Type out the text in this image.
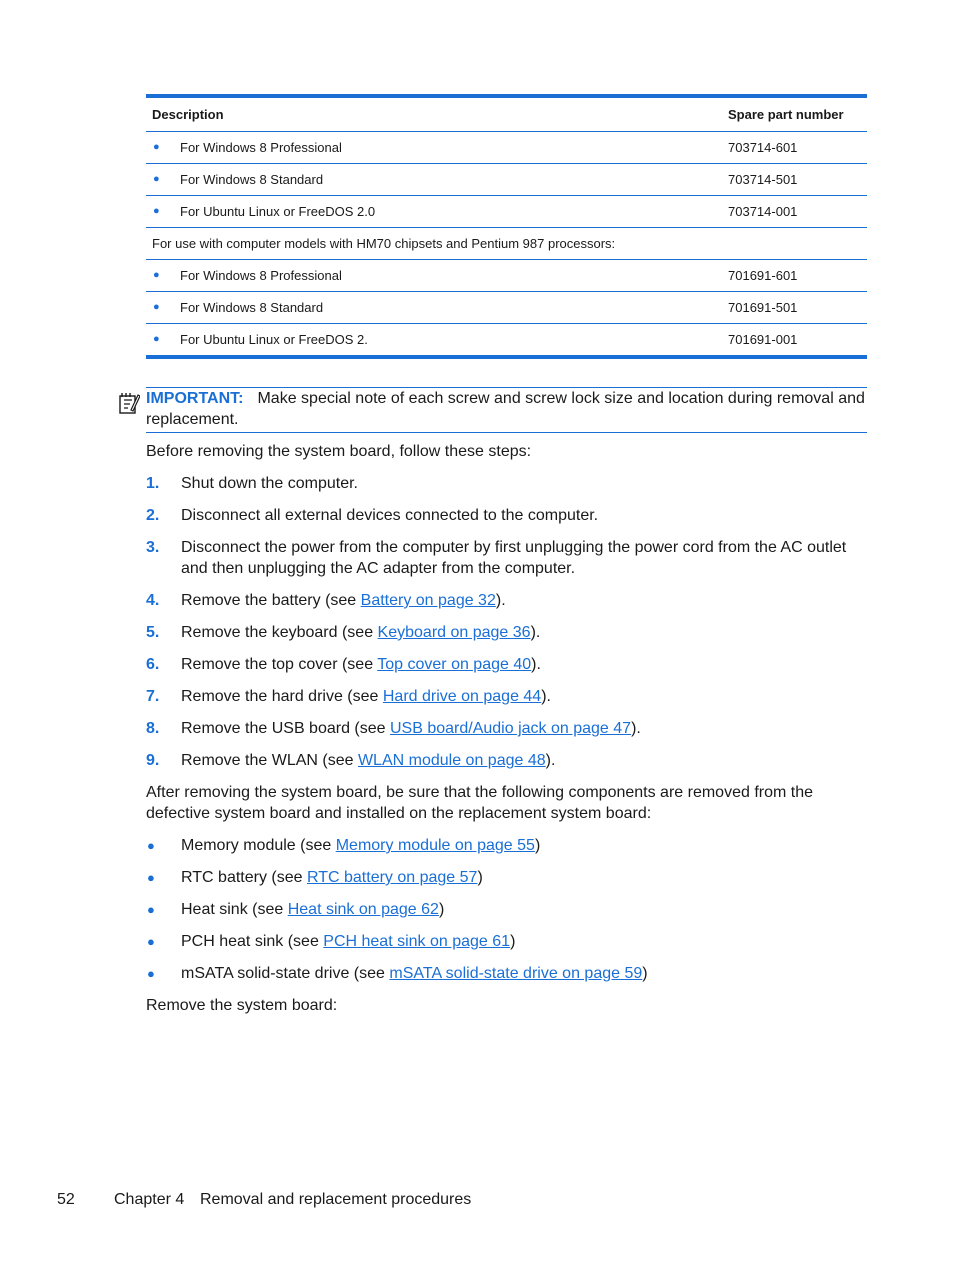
Description	Spare part number
● For Windows 8 Professional	703714-601
● For Windows 8 Standard	703714-501
● For Ubuntu Linux or FreeDOS 2.0	703714-001
For use with computer models with HM70 chipsets and Pentium 987 processors:
● For Windows 8 Professional	701691-601
● For Windows 8 Standard	701691-501
● For Ubuntu Linux or FreeDOS 2.	701691-001
IMPORTANT: Make special note of each screw and screw lock size and location during removal and replacement.
Before removing the system board, follow these steps:
1. Shut down the computer.
2. Disconnect all external devices connected to the computer.
3. Disconnect the power from the computer by first unplugging the power cord from the AC outlet and then unplugging the AC adapter from the computer.
4. Remove the battery (see Battery on page 32).
5. Remove the keyboard (see Keyboard on page 36).
6. Remove the top cover (see Top cover on page 40).
7. Remove the hard drive (see Hard drive on page 44).
8. Remove the USB board (see USB board/Audio jack on page 47).
9. Remove the WLAN (see WLAN module on page 48).
After removing the system board, be sure that the following components are removed from the defective system board and installed on the replacement system board:
● Memory module (see Memory module on page 55)
● RTC battery (see RTC battery on page 57)
● Heat sink (see Heat sink on page 62)
● PCH heat sink (see PCH heat sink on page 61)
● mSATA solid-state drive (see mSATA solid-state drive on page 59)
Remove the system board:
52 Chapter 4 Removal and replacement procedures
